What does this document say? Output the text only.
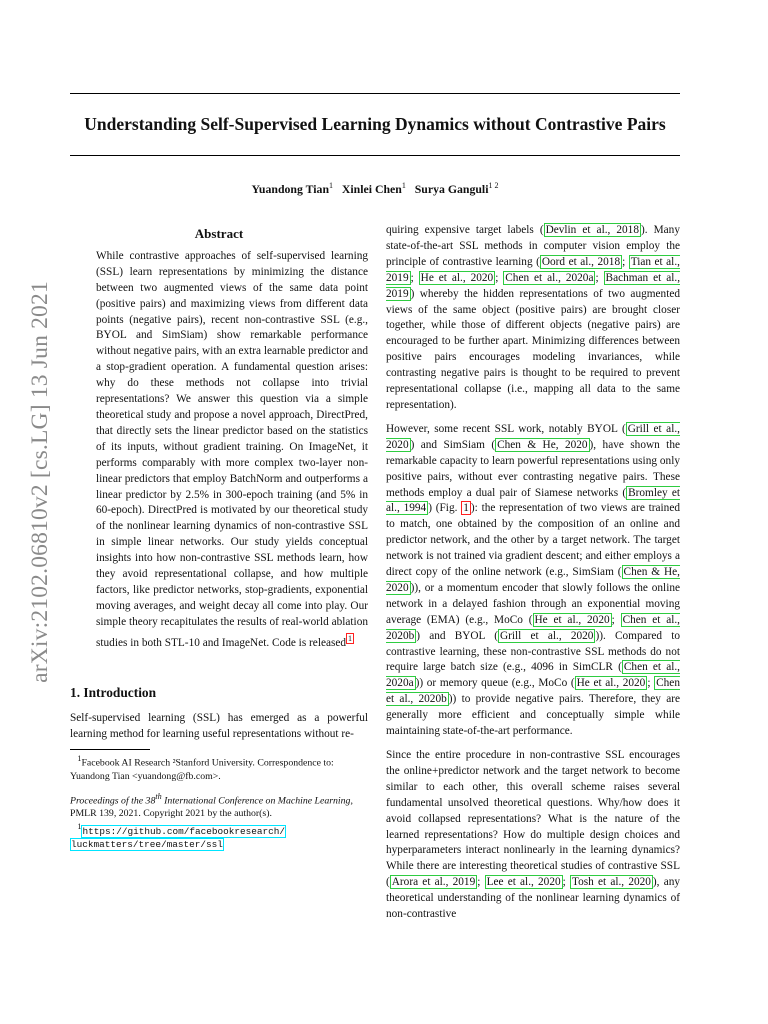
arXiv:2102.06810v2 [cs.LG] 13 Jun 2021
Understanding Self-Supervised Learning Dynamics without Contrastive Pairs
Yuandong Tian$^1$ Xinlei Chen$^1$ Surya Ganguli$^{1 2}$
Abstract

While contrastive approaches of self-supervised learning (SSL) learn representations by minimizing the distance between two augmented views of the same data point (positive pairs) and maximizing views from different data points (negative pairs), recent non-contrastive SSL (e.g., BYOL and SimSiam) show remarkable performance without negative pairs, with an extra learnable predictor and a stop-gradient operation. A fundamental question arises: why do these methods not collapse into trivial representations? We answer this question via a simple theoretical study and propose a novel approach, DirectPred, that directly sets the linear predictor based on the statistics of its inputs, without gradient training. On ImageNet, it performs comparably with more complex two-layer non-linear predictors that employ BatchNorm and outperforms a linear predictor by 2.5% in 300-epoch training (and 5% in 60-epoch). DirectPred is motivated by our theoretical study of the nonlinear learning dynamics of non-contrastive SSL in simple linear networks. Our study yields conceptual insights into how non-contrastive SSL methods learn, how they avoid representational collapse, and how multiple factors, like predictor networks, stop-gradients, exponential moving averages, and weight decay all come into play. Our simple theory recapitulates the results of real-world ablation studies in both STL-10 and ImageNet. Code is released $^1$

1. Introduction

Self-supervised learning (SSL) has emerged as a powerful learning method for learning useful representations without re-

$^1$Facebook AI Research ²Stanford University. Correspondence to: Yuandong Tian <yuandong@fb.com>.
Proceedings of the 38th International Conference on Machine Learning, PMLR 139, 2021. Copyright 2021 by the author(s).
$^1$https://github.com/facebookresearch/
luckmatters/tree/master/ssl

quiring expensive target labels ( Devlin et al., 2018 ). Many state-of-the-art SSL methods in computer vision employ the principle of contrastive learning ( Oord et al., 2018 ; Tian et al., 2019 ; He et al., 2020 ; Chen et al., 2020a ; Bachman et al., 2019 ) whereby the hidden representations of two augmented views of the same object (positive pairs) are brought closer together, while those of different objects (negative pairs) are encouraged to be further apart. Minimizing differences between positive pairs encourages modeling invariances, while contrasting negative pairs is thought to be required to prevent representational collapse (i.e., mapping all data to the same representation).

However, some recent SSL work, notably BYOL ( Grill et al., 2020 ) and SimSiam ( Chen & He, 2020 ), have shown the remarkable capacity to learn powerful representations using only positive pairs, without ever contrasting negative pairs. These methods employ a dual pair of Siamese networks ( Bromley et al., 1994 ) (Fig. 1 ): the representation of two views are trained to match, one obtained by the composition of an online and predictor network, and the other by a target network. The target network is not trained via gradient descent; and either employs a direct copy of the online network (e.g., SimSiam ( Chen & He, 2020 )), or a momentum encoder that slowly follows the online network in a delayed fashion through an exponential moving average (EMA) (e.g., MoCo ( He et al., 2020 ; Chen et al., 2020b ) and BYOL ( Grill et al., 2020 )). Compared to contrastive learning, these non-contrastive SSL methods do not require large batch size (e.g., 4096 in SimCLR ( Chen et al., 2020a )) or memory queue (e.g., MoCo ( He et al., 2020 ; Chen et al., 2020b )) to provide negative pairs. Therefore, they are generally more efficient and conceptually simple while maintaining state-of-the-art performance.

Since the entire procedure in non-contrastive SSL encourages the online+predictor network and the target network to become similar to each other, this overall scheme raises several fundamental unsolved theoretical questions. Why/how does it avoid collapsed representations? What is the nature of the learned representations? How do multiple design choices and hyperparameters interact nonlinearly in the learning dynamics? While there are interesting theoretical studies of contrastive SSL ( Arora et al., 2019 ; Lee et al., 2020 ; Tosh et al., 2020 ), any theoretical understanding of the nonlinear learning dynamics of non-contrastive
